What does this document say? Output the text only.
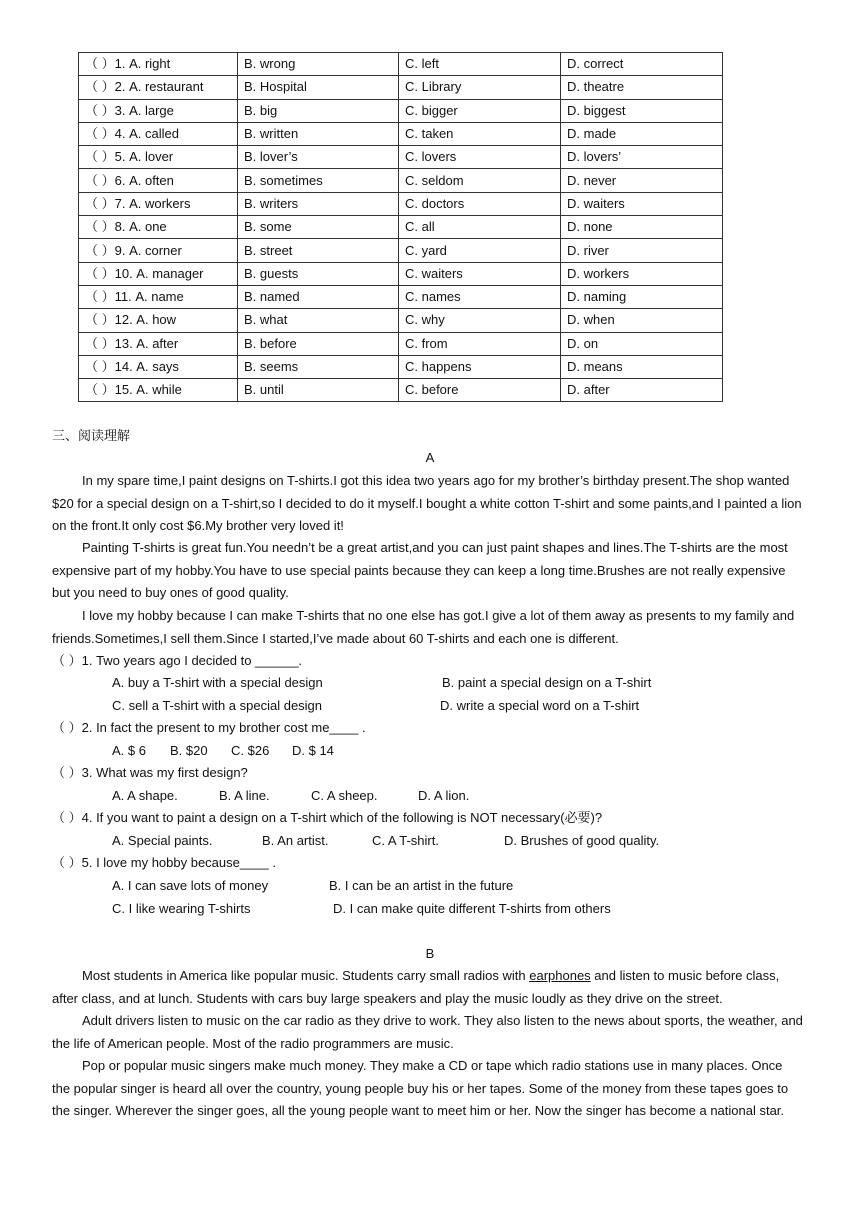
（ ）1. A. right	B. wrong	C. left	D. correct
（ ）2. A. restaurant	B. Hospital	C. Library	D. theatre
（ ）3. A. large	B. big	C. bigger	D. biggest
（ ）4. A. called	B. written	C. taken	D. made
（ ）5. A. lover	B. lover’s	C. lovers	D. lovers’
（ ）6. A. often	B. sometimes	C. seldom	D. never
（ ）7. A. workers	B. writers	C. doctors	D. waiters
（ ）8. A. one	B. some	C. all	D. none
（ ）9. A. corner	B. street	C. yard	D. river
（ ）10. A. manager	B. guests	C. waiters	D. workers
（ ）11. A. name	B. named	C. names	D. naming
（ ）12. A. how	B. what	C. why	D. when
（ ）13. A. after	B. before	C. from	D. on
（ ）14. A. says	B. seems	C. happens	D. means
（ ）15. A. while	B. until	C. before	D. after
三、阅读理解
A
In my spare time,I paint designs on T-shirts.I got this idea two years ago for my brother’s birthday present.The shop wanted $20 for a special design on a T-shirt,so I decided to do it myself.I bought a white cotton T-shirt and some paints,and I painted a lion on the front.It only cost $6.My brother very loved it!
Painting T-shirts is great fun.You needn’t be a great artist,and you can just paint shapes and lines.The T-shirts are the most expensive part of my hobby.You have to use special paints because they can keep a long time.Brushes are not really expensive but you need to buy ones of good quality.
I love my hobby because I can make T-shirts that no one else has got.I give a lot of them away as presents to my family and friends.Sometimes,I sell them.Since I started,I’ve made about 60 T-shirts and each one is different.
（ ）1. Two years ago I decided to ______.
A. buy a T-shirt with a special design	B. paint a special design on a T-shirt
C. sell a T-shirt with a special design	D. write a special word on a T-shirt
（ ）2. In fact the present to my brother cost me____ .
A. $ 6 B. $20 C. $26 D. $ 14
（ ）3. What was my first design?
A. A shape.	B. A line.	C. A sheep.	D. A lion.
（ ）4. If you want to paint a design on a T-shirt which of the following is NOT necessary(必要)?
A. Special paints.	B. An artist.	C. A T-shirt.	D. Brushes of good quality.
（ ）5. I love my hobby because____ .
A. I can save lots of money	B. I can be an artist in the future
C. I like wearing T-shirts	D. I can make quite different T-shirts from others
B
Most students in America like popular music. Students carry small radios with earphones and listen to music before class, after class, and at lunch. Students with cars buy large speakers and play the music loudly as they drive on the street.
Adult drivers listen to music on the car radio as they drive to work. They also listen to the news about sports, the weather, and the life of American people. Most of the radio programmers are music.
Pop or popular music singers make much money. They make a CD or tape which radio stations use in many places. Once the popular singer is heard all over the country, young people buy his or her tapes. Some of the money from these tapes goes to the singer. Wherever the singer goes, all the young people want to meet him or her. Now the singer has become a national star.
